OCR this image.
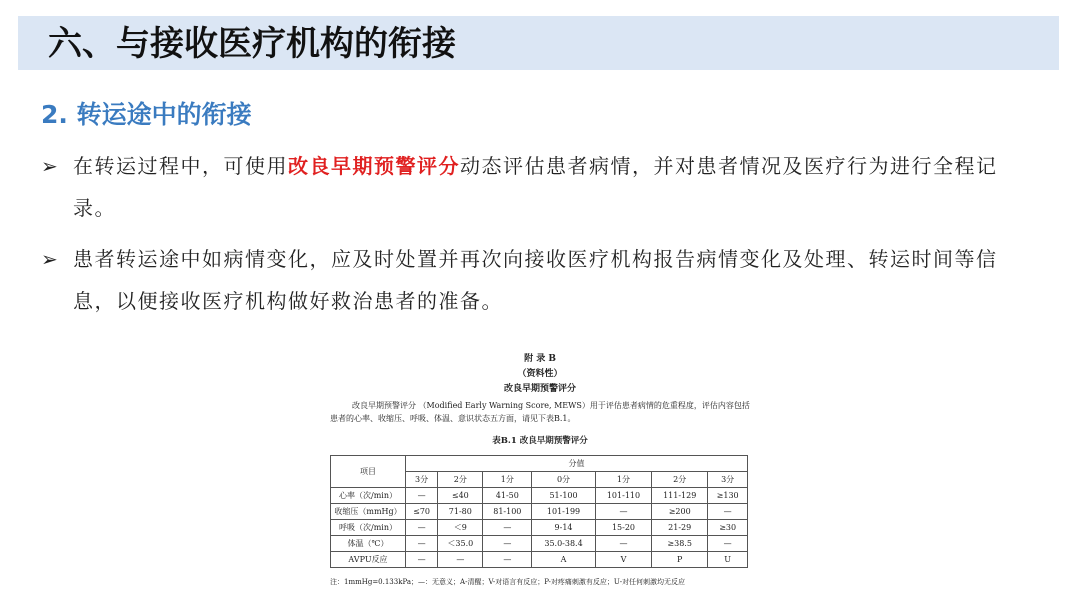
六、与接收医疗机构的衔接
2. 转运途中的衔接
➢ 在转运过程中，可使用改良早期预警评分动态评估患者病情，并对患者情况及医疗行为进行全程记录。
➢ 患者转运途中如病情变化，应及时处置并再次向接收医疗机构报告病情变化及处理、转运时间等信息，以便接收医疗机构做好救治患者的准备。
附 录 B
（资料性）
改良早期预警评分
改良早期预警评分 （Modified Early Warning Score, MEWS）用于评估患者病情的危重程度，评估内容包括患者的心率、收缩压、呼吸、体温、意识状态五方面，请见下表B.1。
表B.1 改良早期预警评分
项目	分值						
	3分	2分	1分	0分	1分	2分	3分
心率（次/min）	—	≤40	41-50	51-100	101-110	111-129	≥130
收缩压（mmHg）	≤70	71-80	81-100	101-199	—	≥200	—
呼吸（次/min）	—	＜9	—	9-14	15-20	21-29	≥30
体温（℃）	—	＜35.0	—	35.0-38.4	—	≥38.5	—
AVPU反应	—	—	—	A	V	P	U
注：1mmHg=0.133kPa；—：无意义；A-清醒；V-对语言有反应；P-对疼痛刺激有反应；U-对任何刺激均无反应
